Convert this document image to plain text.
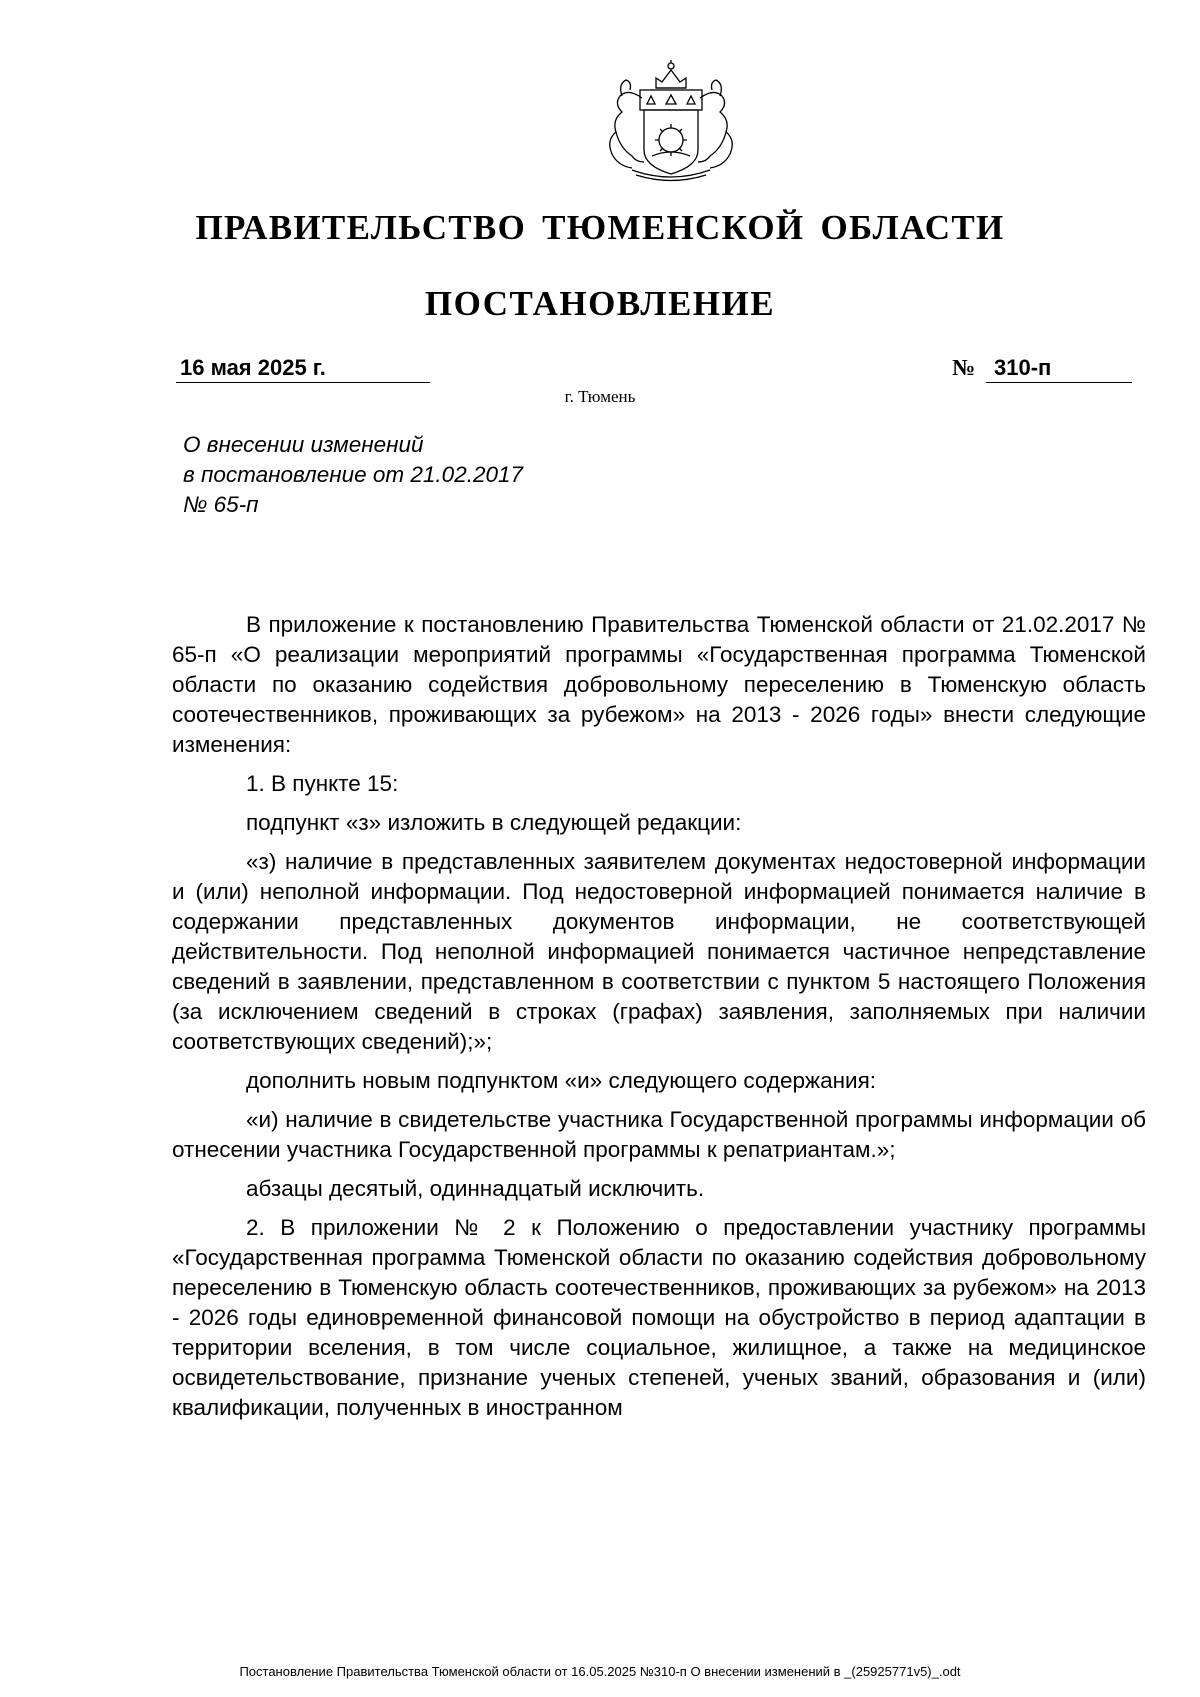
ПРАВИТЕЛЬСТВО ТЮМЕНСКОЙ ОБЛАСТИ
ПОСТАНОВЛЕНИЕ
16 мая 2025 г.	№ 310-п
г. Тюмень
О внесении изменений
в постановление от 21.02.2017
№ 65-п

В приложение к постановлению Правительства Тюменской области от 21.02.2017 № 65-п «О реализации мероприятий программы «Государственная программа Тюменской области по оказанию содействия добровольному переселению в Тюменскую область соотечественников, проживающих за рубежом» на 2013 - 2026 годы» внести следующие изменения:

1. В пункте 15:

подпункт «з» изложить в следующей редакции:

«з) наличие в представленных заявителем документах недостоверной информации и (или) неполной информации. Под недостоверной информацией понимается наличие в содержании представленных документов информации, не соответствующей действительности. Под неполной информацией понимается частичное непредставление сведений в заявлении, представленном в соответствии с пунктом 5 настоящего Положения (за исключением сведений в строках (графах) заявления, заполняемых при наличии соответствующих сведений);»;

дополнить новым подпунктом «и» следующего содержания:

«и) наличие в свидетельстве участника Государственной программы информации об отнесении участника Государственной программы к репатриантам.»;

абзацы десятый, одиннадцатый исключить.

2. В приложении № 2 к Положению о предоставлении участнику программы «Государственная программа Тюменской области по оказанию содействия добровольному переселению в Тюменскую область соотечественников, проживающих за рубежом» на 2013 - 2026 годы единовременной финансовой помощи на обустройство в период адаптации в территории вселения, в том числе социальное, жилищное, а также на медицинское освидетельствование, признание ученых степеней, ученых званий, образования и (или) квалификации, полученных в иностранном

Постановление Правительства Тюменской области от 16.05.2025 №310-п О внесении изменений в _(25925771v5)_.odt
